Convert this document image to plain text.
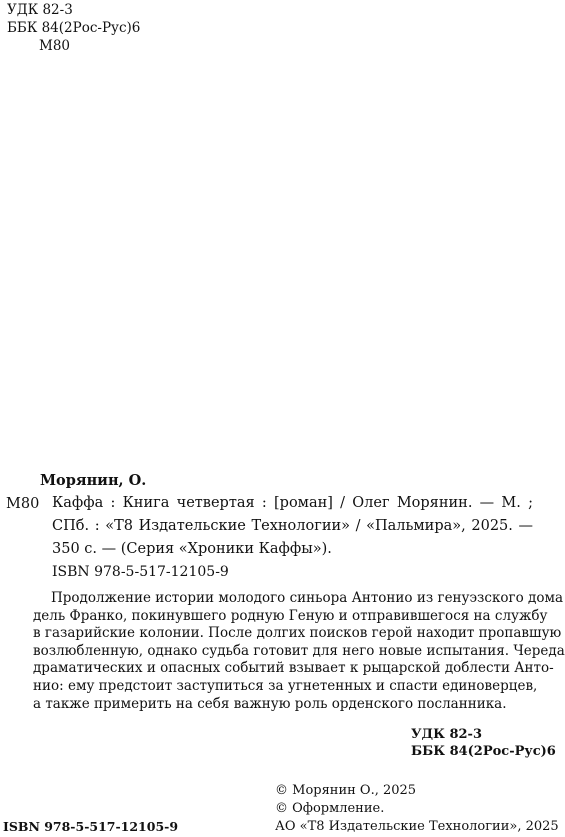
УДК 82-3
ББК 84(2Рос-Рус)6
М80
Морянин, О.
М80 Каффа : Книга четвертая : [роман] / Олег Морянин. — М. ;
СПб. : «Т8 Издательские Технологии» / «Пальмира», 2025. —
350 с. — (Серия «Хроники Каффы»).
ISBN 978-5-517-12105-9
Продолжение истории молодого синьора Антонио из генуэзского дома
дель Франко, покинувшего родную Геную и отправившегося на службу
в газарийские колонии. После долгих поисков герой находит пропавшую
возлюбленную, однако судьба готовит для него новые испытания. Череда
драматических и опасных событий взывает к рыцарской доблести Анто-
нио: ему предстоит заступиться за угнетенных и спасти единоверцев,
а также примерить на себя важную роль орденского посланника.
УДК 82-3
ББК 84(2Рос-Рус)6
© Морянин О., 2025
© Оформление.
АО «Т8 Издательские Технологии», 2025
ISBN 978-5-517-12105-9
